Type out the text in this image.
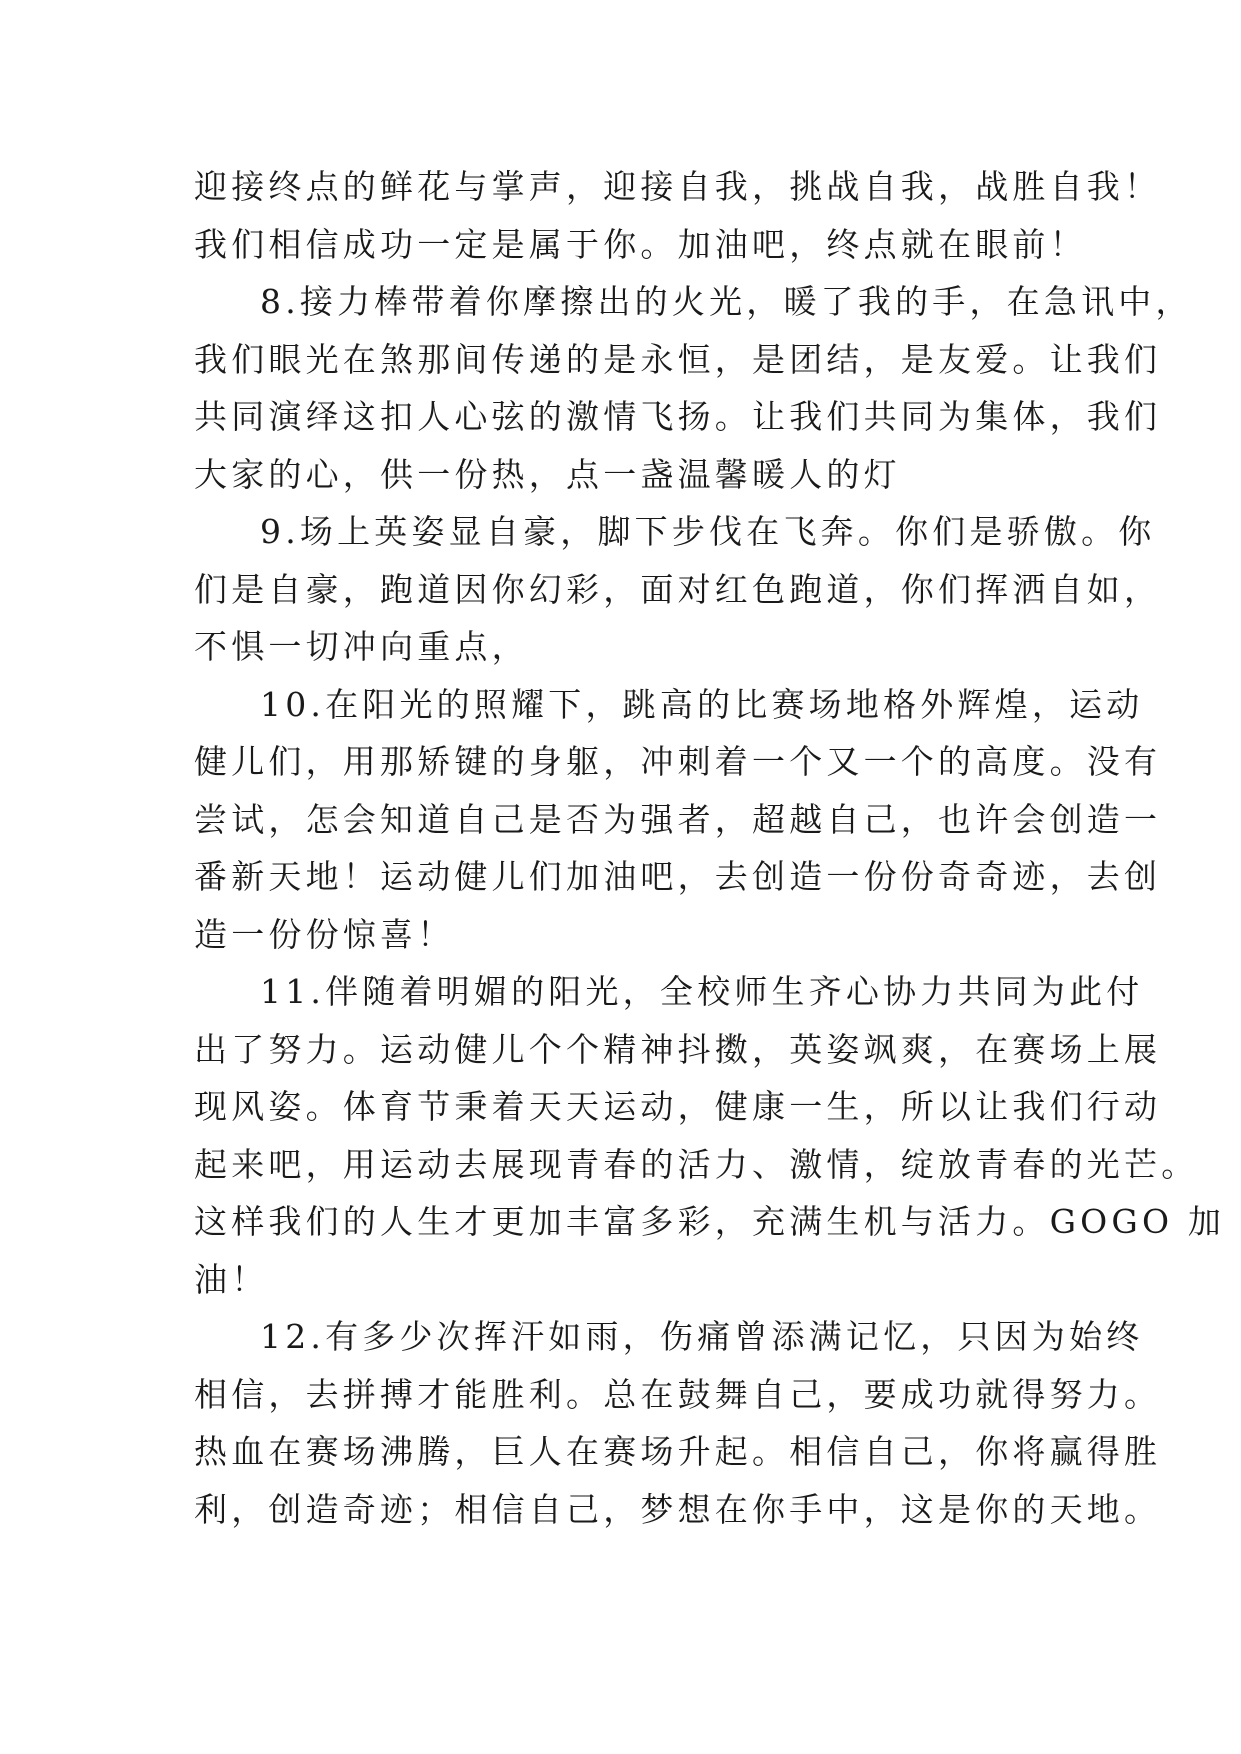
迎接终点的鲜花与掌声，迎接自我，挑战自我，战胜自我！
我们相信成功一定是属于你。加油吧，终点就在眼前！
8.接力棒带着你摩擦出的火光，暖了我的手，在急讯中，
我们眼光在煞那间传递的是永恒，是团结，是友爱。让我们
共同演绎这扣人心弦的激情飞扬。让我们共同为集体，我们
大家的心，供一份热，点一盏温馨暖人的灯
9.场上英姿显自豪，脚下步伐在飞奔。你们是骄傲。你
们是自豪，跑道因你幻彩，面对红色跑道，你们挥洒自如，
不惧一切冲向重点，
10.在阳光的照耀下，跳高的比赛场地格外辉煌，运动
健儿们，用那矫键的身躯，冲刺着一个又一个的高度。没有
尝试，怎会知道自己是否为强者，超越自己，也许会创造一
番新天地！运动健儿们加油吧，去创造一份份奇奇迹，去创
造一份份惊喜！
11.伴随着明媚的阳光，全校师生齐心协力共同为此付
出了努力。运动健儿个个精神抖擞，英姿飒爽，在赛场上展
现风姿。体育节秉着天天运动，健康一生，所以让我们行动
起来吧，用运动去展现青春的活力、激情，绽放青春的光芒。
这样我们的人生才更加丰富多彩，充满生机与活力。GOGO 加
油！
12.有多少次挥汗如雨，伤痛曾添满记忆，只因为始终
相信，去拼搏才能胜利。总在鼓舞自己，要成功就得努力。
热血在赛场沸腾，巨人在赛场升起。相信自己，你将赢得胜
利，创造奇迹；相信自己，梦想在你手中，这是你的天地。
